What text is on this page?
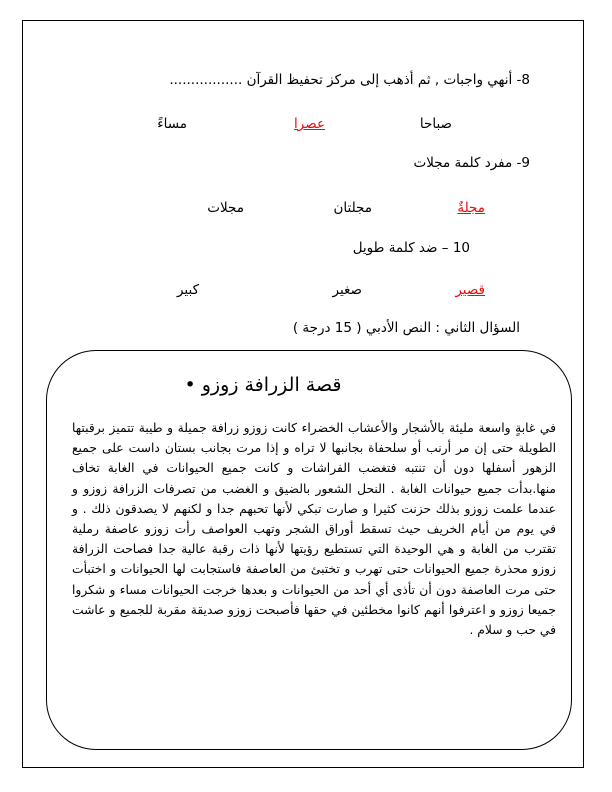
8- أنهي واجبات , ثم أذهب إلى مركز تحفيظ القرآن .................
صباحا
عصرا
مساءً
9- مفرد كلمة مجلات
مجلةٌ
مجلتان
مجلات
10 – ضد كلمة طويل
قصير
صغير
كبير
السؤال الثاني : النص الأدبي ( 15 درجة )
قصة الزرافة زوزو •
في غابةٍ واسعة مليئة بالأشجار والأعشاب الخضراء كانت زوزو زرافة جميلة و طيبة تتميز برقبتها الطويلة حتى إن مر أرنب أو سلحفاة بجانبها لا تراه و إذا مرت بجانب بستان داست على جميع الزهور أسفلها دون أن تنتبه فتغضب الفراشات و كانت جميع الحيوانات في الغابة تخاف منها.بدأت جميع حيوانات الغابة . النحل الشعور بالضيق و الغضب من تصرفات الزرافة زوزو و عندما علمت زوزو بذلك حزنت كثيرا و صارت تبكي لأنها تحبهم جدا و لكنهم لا يصدقون ذلك . و في يوم من أيام الخريف حيث تسقط أوراق الشجر وتهب العواصف رأت زوزو عاصفة رملية تقترب من الغابة و هي الوحيدة التي تستطيع رؤيتها لأنها ذات رقبة عالية جدا فصاحت الزرافة زوزو محذرة جميع الحيوانات حتى تهرب و تختبئ من العاصفة فاستجابت لها الحيوانات و اختبأت حتى مرت العاصفة دون أن تأذى أي أحد من الحيوانات و بعدها خرجت الحيوانات مساء و شكروا جميعا زوزو و اعترفوا أنهم كانوا مخطئين في حقها فأصبحت زوزو صديقة مقربة للجميع و عاشت في حب و سلام .
